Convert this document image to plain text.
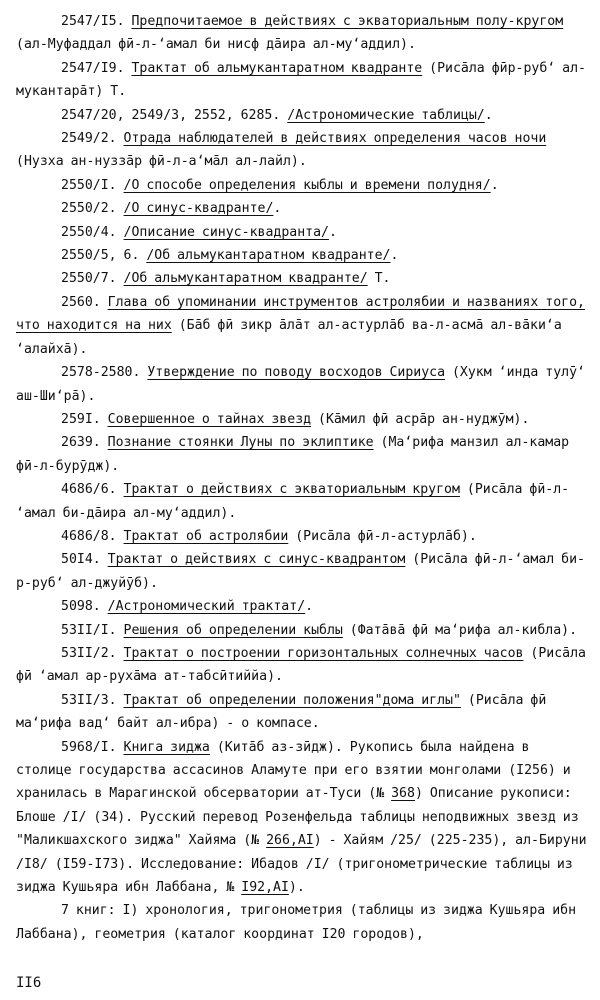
2547/I5. Предпочитаемое в действиях с экваториальным полу-кругом (ал-Муфаддал фӣ-л-ʻамал би нисф да̄ира ал-муʻаддил).

2547/I9. Трактат об альмукантаратном квадранте (Риса̄ла фӣр-рубʻ ал-мукантара̄т) Т.

2547/20, 2549/3, 2552, 6285. /Астрономические таблицы/.

2549/2. Отрада наблюдателей в действиях определения часов ночи (Нузха ан-нузза̄р фӣ-л-аʻма̄л ал-лайл).

2550/I. /О способе определения кыблы и времени полудня/.

2550/2. /О синус-квадранте/.

2550/4. /Описание синус-квадранта/.

2550/5, 6. /Об альмукантаратном квадранте/.

2550/7. /Об альмукантаратном квадранте/ Т.

2560. Глава об упоминании инструментов астролябии и названиях того, что находится на них (Ба̄б фӣ зикр а̄ла̄т ал-астурла̄б ва-л-асма̄ ал-ва̄киʻа ʻалайха̄).

2578-2580. Утверждение по поводу восходов Сириуса (Хукм ʻинда тулӯʻ аш-Шиʻра̄).

259I. Совершенное о тайнах звезд (Ка̄мил фӣ асра̄р ан-нуджӯм).

2639. Познание стоянки Луны по эклиптике (Маʻрифа манзил ал-камар фӣ-л-бурӯдж).

4686/6. Трактат о действиях с экваториальным кругом (Риса̄ла фӣ-л-ʻамал би-да̄ира ал-муʻаддил).

4686/8. Трактат об астролябии (Риса̄ла фӣ-л-астурла̄б).

50I4. Трактат о действиях с синус-квадрантом (Риса̄ла фӣ-л-ʻамал би-р-рубʻ ал-джуйӯб).

5098. /Астрономический трактат/.

53II/I. Решения об определении кыблы (Фата̄ва̄ фӣ маʻрифа ал-кибла).

53II/2. Трактат о построении горизонтальных солнечных часов (Риса̄ла фӣ ʻамал ар-руха̄ма ат-табсӣтиййа).

53II/3. Трактат об определении положения"дома иглы" (Риса̄ла фӣ маʻрифа вадʻ байт ал-ибра) - о компасе.

5968/I. Книга зиджа (Кита̄б аз-зӣдж). Рукопись была найдена в столице государства ассасинов Аламуте при его взятии монголами (I256) и хранилась в Марагинской обсерватории ат-Туси (№ 368) Описание рукописи: Блоше /I/ (34). Русский перевод Розенфельда таблицы неподвижных звезд из "Маликшахского зиджа" Хайяма (№ 266,АI) - Хайям /25/ (225-235), ал-Бируни /I8/ (I59-I73). Исследование: Ибадов /I/ (тригонометрические таблицы из зиджа Кушьяра ибн Лаббана, № I92,АI).

7 книг: I) хронология, тригонометрия (таблицы из зиджа Кушьяра ибн Лаббана), геометрия (каталог координат I20 городов),

II6
